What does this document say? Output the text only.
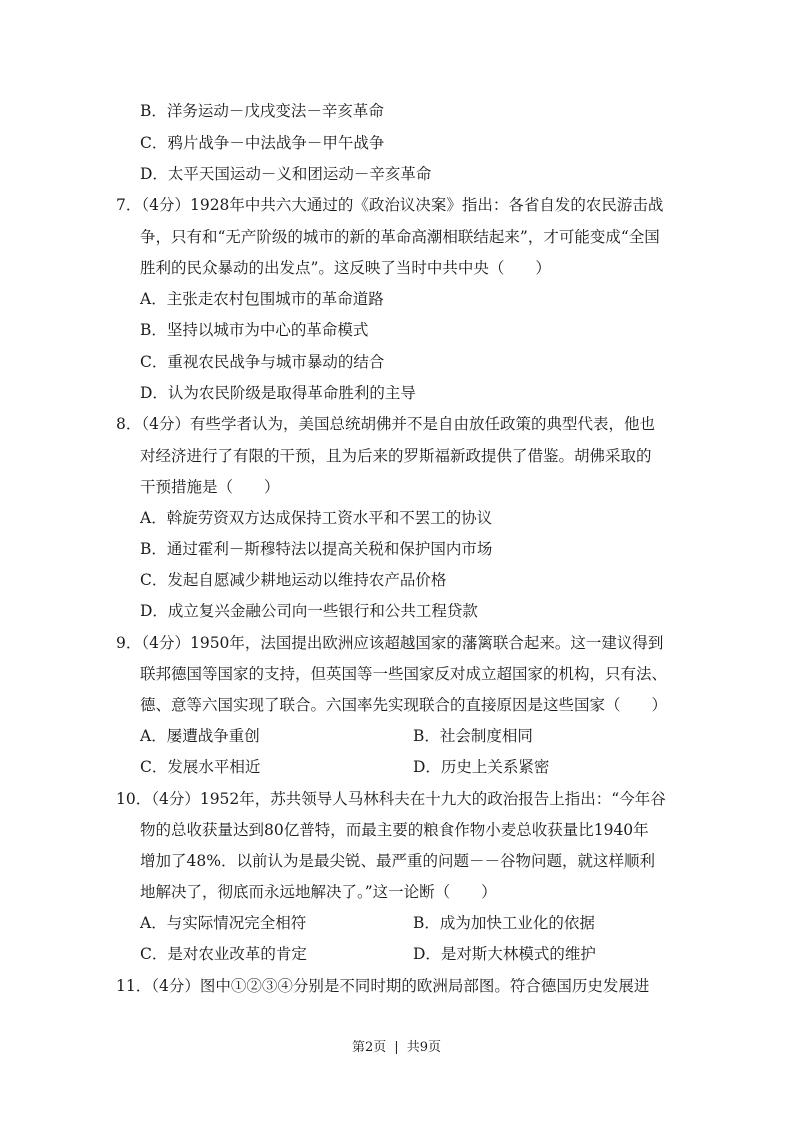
B．洋务运动－戊戌变法－辛亥革命
C．鸦片战争－中法战争－甲午战争
D．太平天国运动－义和团运动－辛亥革命
7．（4分）1928年中共六大通过的《政治议决案》指出：各省自发的农民游击战
争，只有和“无产阶级的城市的新的革命高潮相联结起来”，才可能变成“全国
胜利的民众暴动的出发点”。这反映了当时中共中央（　　）
A．主张走农村包围城市的革命道路
B．坚持以城市为中心的革命模式
C．重视农民战争与城市暴动的结合
D．认为农民阶级是取得革命胜利的主导
8．（4分）有些学者认为，美国总统胡佛并不是自由放任政策的典型代表，他也
对经济进行了有限的干预，且为后来的罗斯福新政提供了借鉴。胡佛采取的
干预措施是（　　）
A．斡旋劳资双方达成保持工资水平和不罢工的协议
B．通过霍利－斯穆特法以提高关税和保护国内市场
C．发起自愿减少耕地运动以维持农产品价格
D．成立复兴金融公司向一些银行和公共工程贷款
9．（4分）1950年，法国提出欧洲应该超越国家的藩篱联合起来。这一建议得到
联邦德国等国家的支持，但英国等一些国家反对成立超国家的机构，只有法、
德、意等六国实现了联合。六国率先实现联合的直接原因是这些国家（　　）
A．屡遭战争重创	B．社会制度相同
C．发展水平相近	D．历史上关系紧密
10．（4分）1952年，苏共领导人马林科夫在十九大的政治报告上指出：“今年谷
物的总收获量达到80亿普特，而最主要的粮食作物小麦总收获量比1940年
增加了48%．以前认为是最尖锐、最严重的问题－－谷物问题，就这样顺利
地解决了，彻底而永远地解决了。”这一论断（　　）
A．与实际情况完全相符	B．成为加快工业化的依据
C．是对农业改革的肯定	D．是对斯大林模式的维护
11．（4分）图中①②③④分别是不同时期的欧洲局部图。符合德国历史发展进
第2页 | 共9页
